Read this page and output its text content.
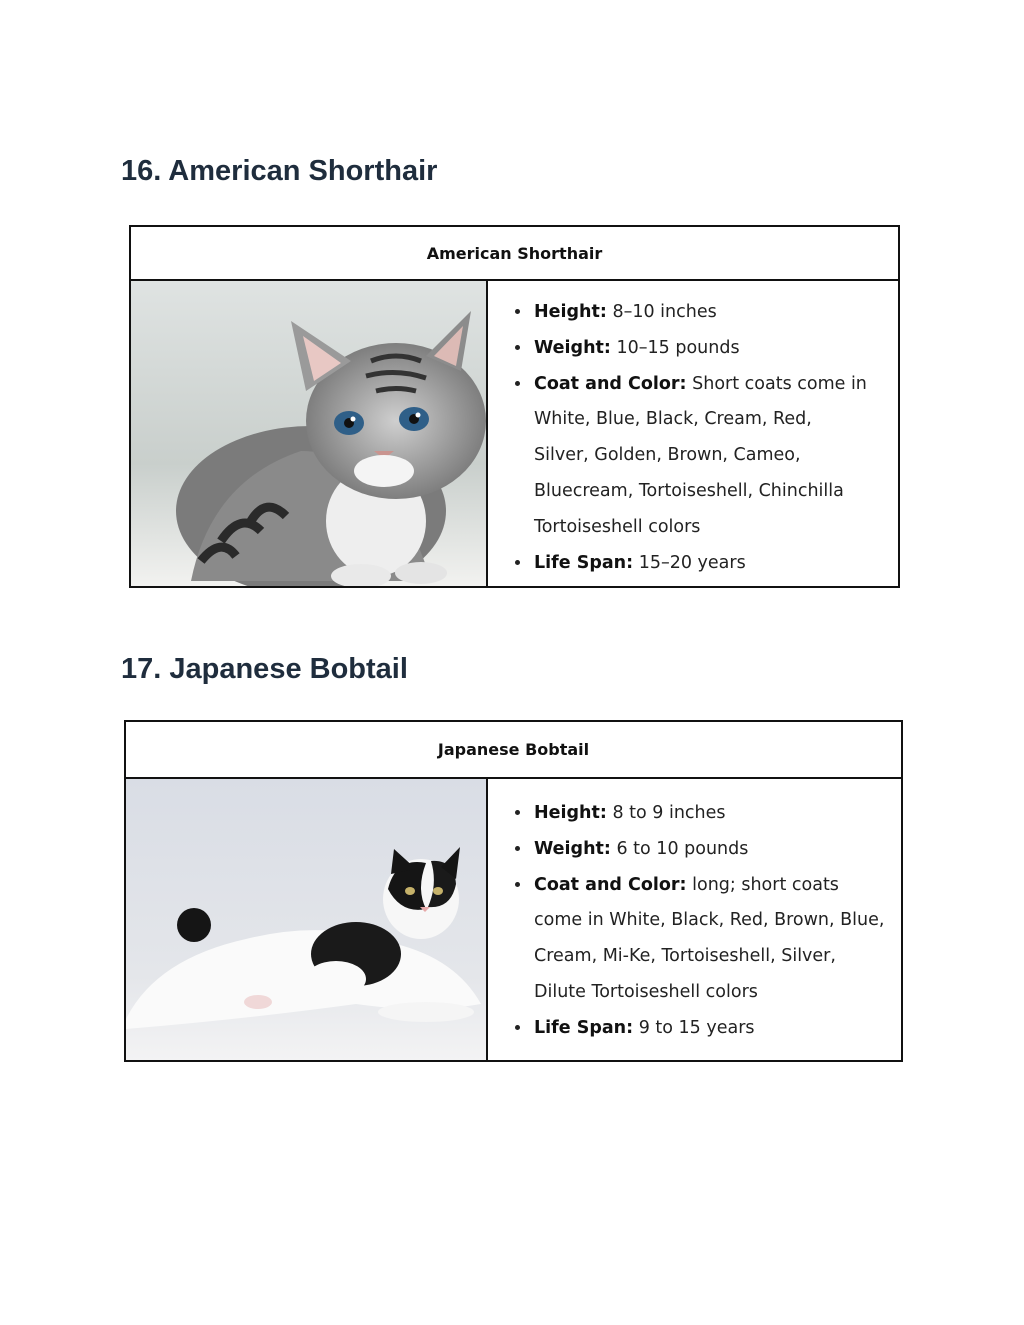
16. American Shorthair
American Shorthair
• Height: 8–10 inches
• Weight: 10–15 pounds
• Coat and Color: Short coats come in White, Blue, Black, Cream, Red, Silver, Golden, Brown, Cameo, Bluecream, Tortoiseshell, Chinchilla Tortoiseshell colors
• Life Span: 15–20 years
17. Japanese Bobtail
Japanese Bobtail
• Height: 8 to 9 inches
• Weight: 6 to 10 pounds
• Coat and Color: long; short coats come in White, Black, Red, Brown, Blue, Cream, Mi-Ke, Tortoiseshell, Silver, Dilute Tortoiseshell colors
• Life Span: 9 to 15 years
